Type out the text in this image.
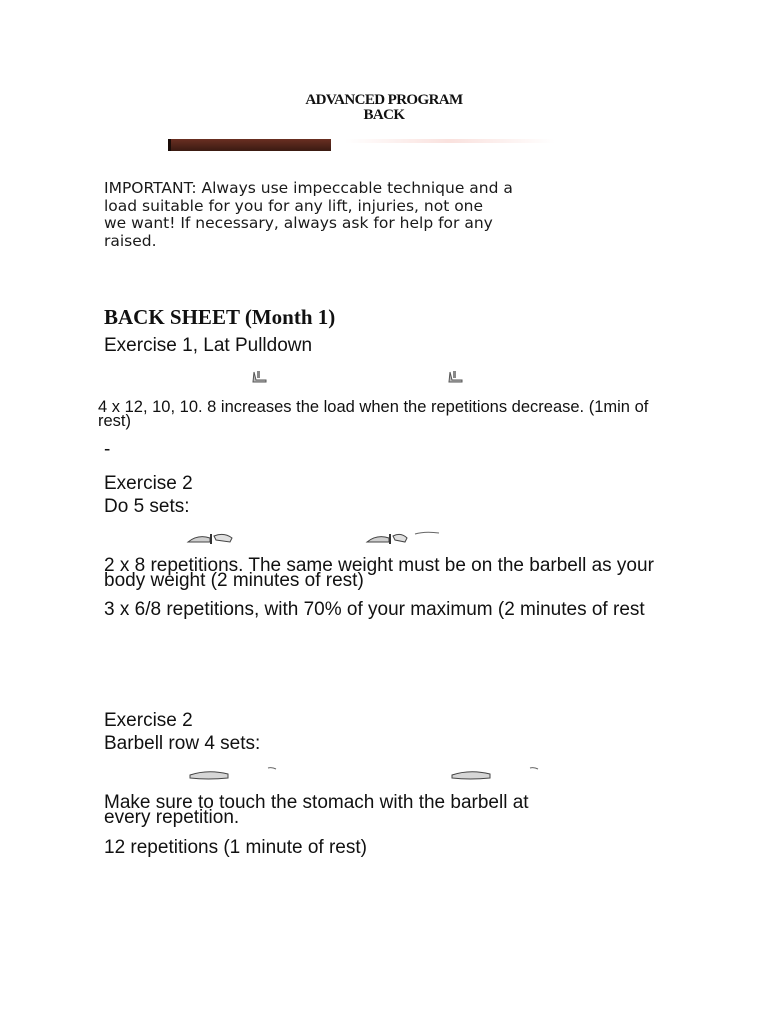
ADVANCED PROGRAM
BACK
IMPORTANT: Always use impeccable technique and a
load suitable for you for any lift, injuries, not one
we want! If necessary, always ask for help for any
raised.
BACK SHEET (Month 1)
Exercise 1, Lat Pulldown
4 x 12, 10, 10. 8 increases the load when the repetitions decrease. (1min of rest)
-
Exercise 2
Do 5 sets:
2 x 8 repetitions. The same weight must be on the barbell as your body weight (2 minutes of rest)
3 x 6/8 repetitions, with 70% of your maximum (2 minutes of rest
Exercise 2
Barbell row 4 sets:
Make sure to touch the stomach with the barbell at every repetition.
12 repetitions (1 minute of rest)
